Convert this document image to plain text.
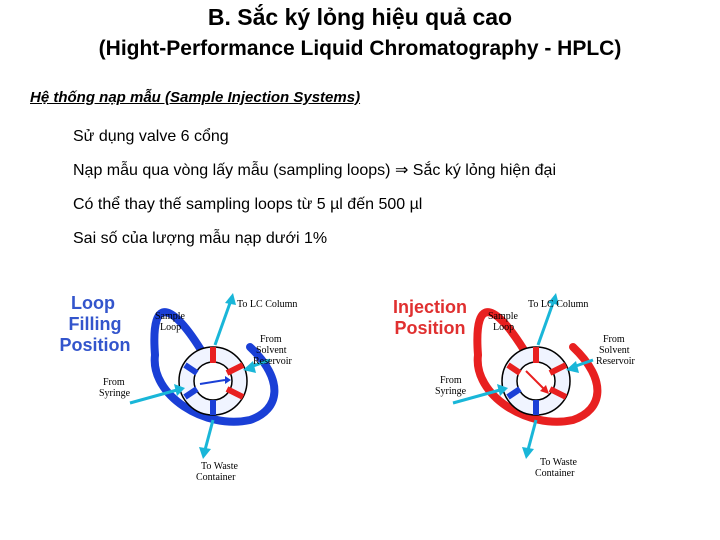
B. Sắc ký lỏng hiệu quả cao
(Hight-Performance Liquid Chromatography - HPLC)
Hệ thống nạp mẫu (Sample Injection Systems)
Sử dụng valve 6 cổng
Nạp mẫu qua vòng lấy mẫu (sampling loops) ⇒ Sắc ký lỏng hiện đại
Có thể thay thế sampling loops từ 5 µl đến 500 µl
Sai số của lượng mẫu nạp dưới 1%
Loop
Filling
Position
To LC Column
Sample
Loop
From
Solvent
Reservoir
From
Syringe
To Waste
Container
Injection
Position
To LC Column
Sample
Loop
From
Solvent
Reservoir
From
Syringe
To Waste
Container
